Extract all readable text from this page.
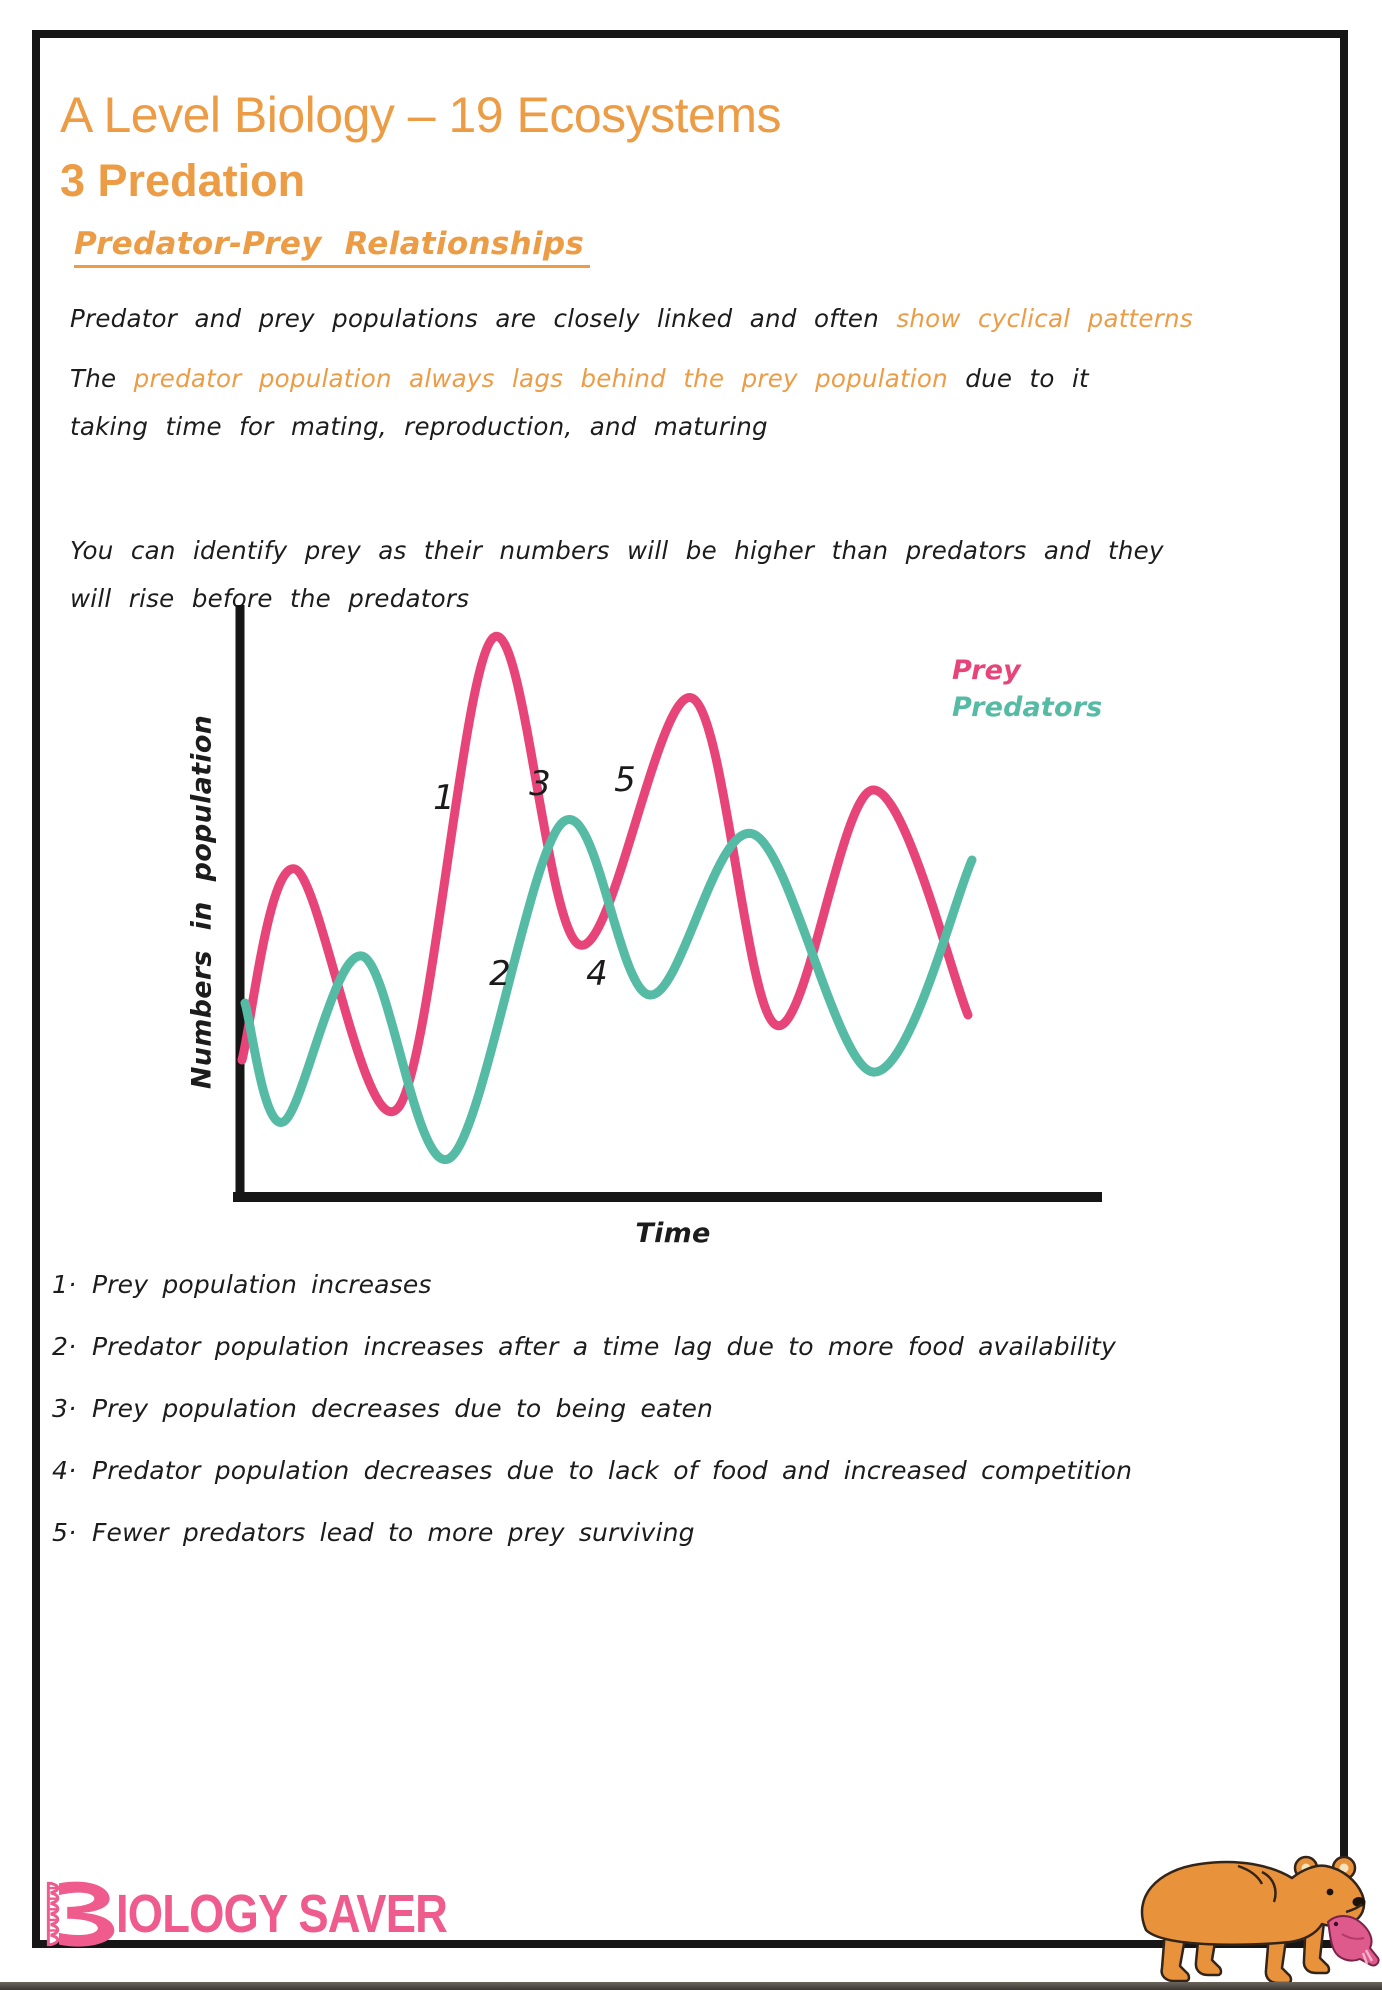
A Level Biology – 19 Ecosystems
3 Predation
Predator-Prey Relationships

Predator and prey populations are closely linked and often show cyclical patterns

The predator population always lags behind the prey population due to it taking time for mating, reproduction, and maturing

You can identify prey as their numbers will be higher than predators and they will rise before the predators

1
2
3
4
5
Numbers in population
Time
Prey
Predators
1· Prey population increases
2· Predator population increases after a time lag due to more food availability
3· Prey population decreases due to being eaten
4· Predator population decreases due to lack of food and increased competition
5· Fewer predators lead to more prey surviving
IOLOGY SAVER
